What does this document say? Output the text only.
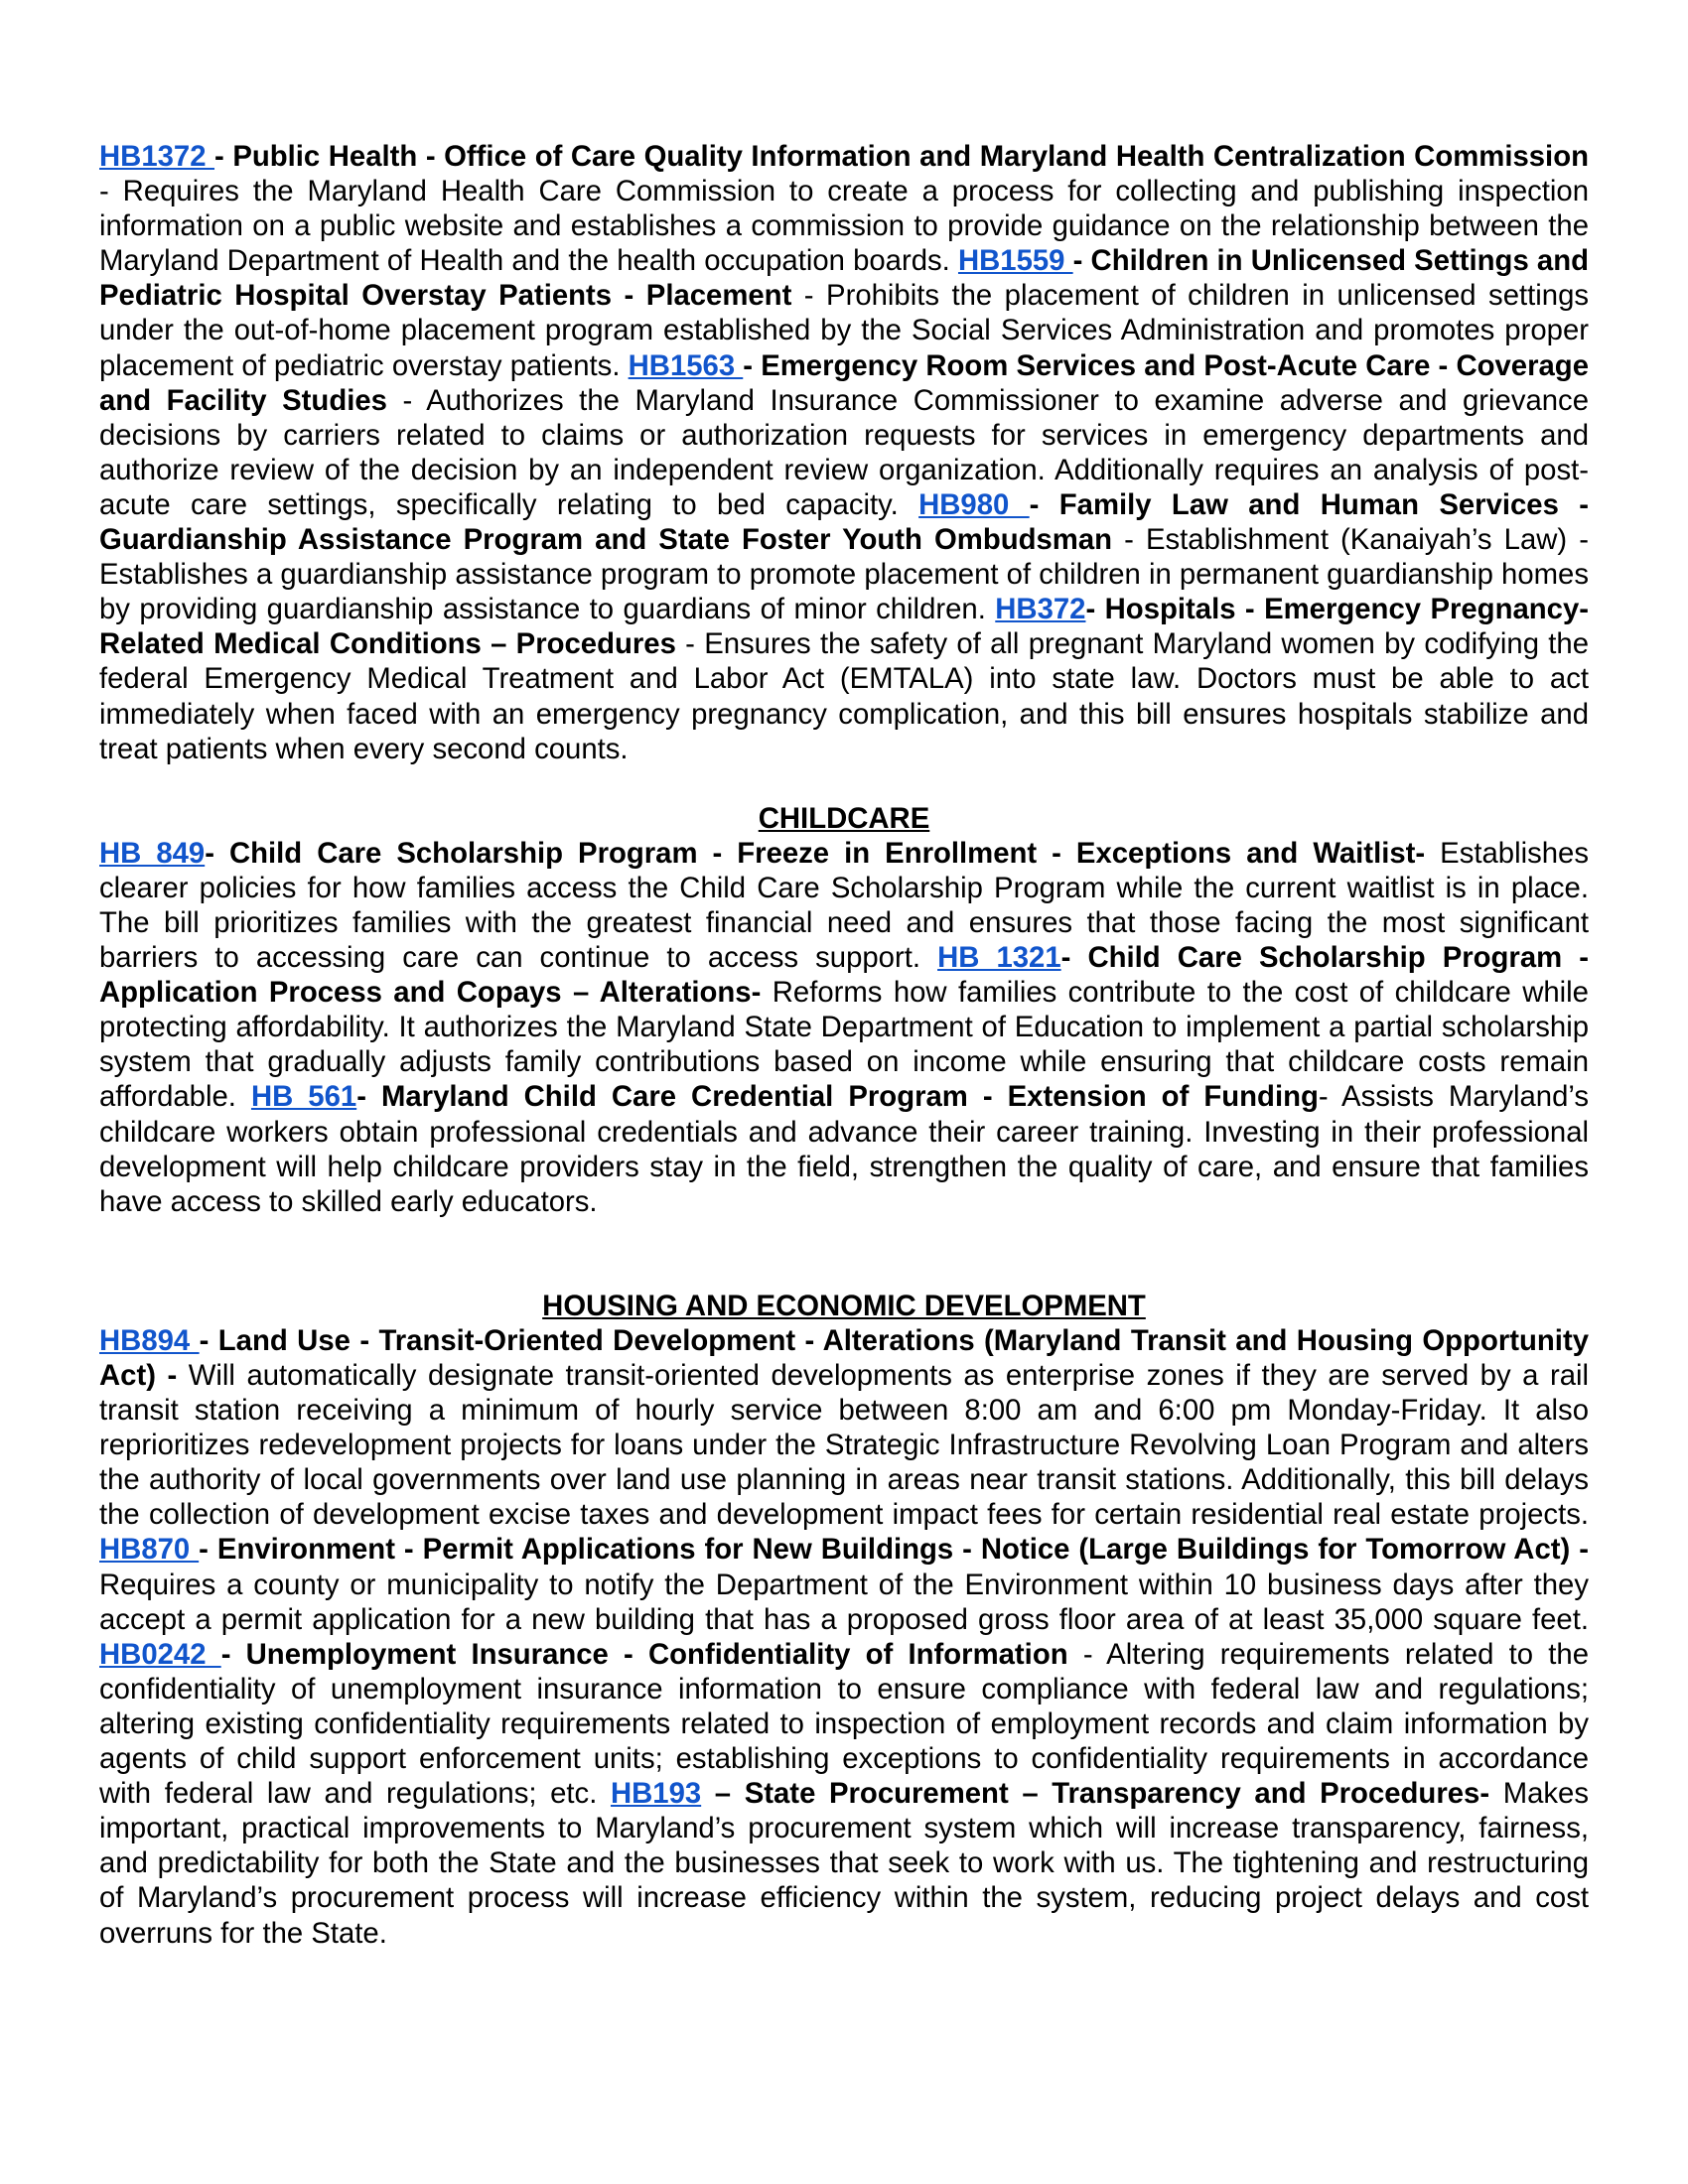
HB1372 - Public Health - Office of Care Quality Information and Maryland Health Centralization Commission - Requires the Maryland Health Care Commission to create a process for collecting and publishing inspection information on a public website and establishes a commission to provide guidance on the relationship between the Maryland Department of Health and the health occupation boards. HB1559 - Children in Unlicensed Settings and Pediatric Hospital Overstay Patients - Placement - Prohibits the placement of children in unlicensed settings under the out-of-home placement program established by the Social Services Administration and promotes proper placement of pediatric overstay patients. HB1563 - Emergency Room Services and Post-Acute Care - Coverage and Facility Studies - Authorizes the Maryland Insurance Commissioner to examine adverse and grievance decisions by carriers related to claims or authorization requests for services in emergency departments and authorize review of the decision by an independent review organization. Additionally requires an analysis of post-acute care settings, specifically relating to bed capacity. HB980 - Family Law and Human Services - Guardianship Assistance Program and State Foster Youth Ombudsman - Establishment (Kanaiyah’s Law) - Establishes a guardianship assistance program to promote placement of children in permanent guardianship homes by providing guardianship assistance to guardians of minor children. HB372- Hospitals - Emergency Pregnancy-Related Medical Conditions – Procedures - Ensures the safety of all pregnant Maryland women by codifying the federal Emergency Medical Treatment and Labor Act (EMTALA) into state law. Doctors must be able to act immediately when faced with an emergency pregnancy complication, and this bill ensures hospitals stabilize and treat patients when every second counts.

CHILDCARE

HB 849- Child Care Scholarship Program - Freeze in Enrollment - Exceptions and Waitlist- Establishes clearer policies for how families access the Child Care Scholarship Program while the current waitlist is in place. The bill prioritizes families with the greatest financial need and ensures that those facing the most significant barriers to accessing care can continue to access support. HB 1321- Child Care Scholarship Program - Application Process and Copays – Alterations- Reforms how families contribute to the cost of childcare while protecting affordability. It authorizes the Maryland State Department of Education to implement a partial scholarship system that gradually adjusts family contributions based on income while ensuring that childcare costs remain affordable. HB 561- Maryland Child Care Credential Program - Extension of Funding- Assists Maryland’s childcare workers obtain professional credentials and advance their career training. Investing in their professional development will help childcare providers stay in the field, strengthen the quality of care, and ensure that families have access to skilled early educators.

HOUSING AND ECONOMIC DEVELOPMENT

HB894 - Land Use - Transit-Oriented Development - Alterations (Maryland Transit and Housing Opportunity Act) - Will automatically designate transit-oriented developments as enterprise zones if they are served by a rail transit station receiving a minimum of hourly service between 8:00 am and 6:00 pm Monday-Friday. It also reprioritizes redevelopment projects for loans under the Strategic Infrastructure Revolving Loan Program and alters the authority of local governments over land use planning in areas near transit stations. Additionally, this bill delays the collection of development excise taxes and development impact fees for certain residential real estate projects. HB870 - Environment - Permit Applications for New Buildings - Notice (Large Buildings for Tomorrow Act) - Requires a county or municipality to notify the Department of the Environment within 10 business days after they accept a permit application for a new building that has a proposed gross floor area of at least 35,000 square feet. HB0242 - Unemployment Insurance - Confidentiality of Information - Altering requirements related to the confidentiality of unemployment insurance information to ensure compliance with federal law and regulations; altering existing confidentiality requirements related to inspection of employment records and claim information by agents of child support enforcement units; establishing exceptions to confidentiality requirements in accordance with federal law and regulations; etc. HB193 – State Procurement – Transparency and Procedures- Makes important, practical improvements to Maryland’s procurement system which will increase transparency, fairness, and predictability for both the State and the businesses that seek to work with us. The tightening and restructuring of Maryland’s procurement process will increase efficiency within the system, reducing project delays and cost overruns for the State.
